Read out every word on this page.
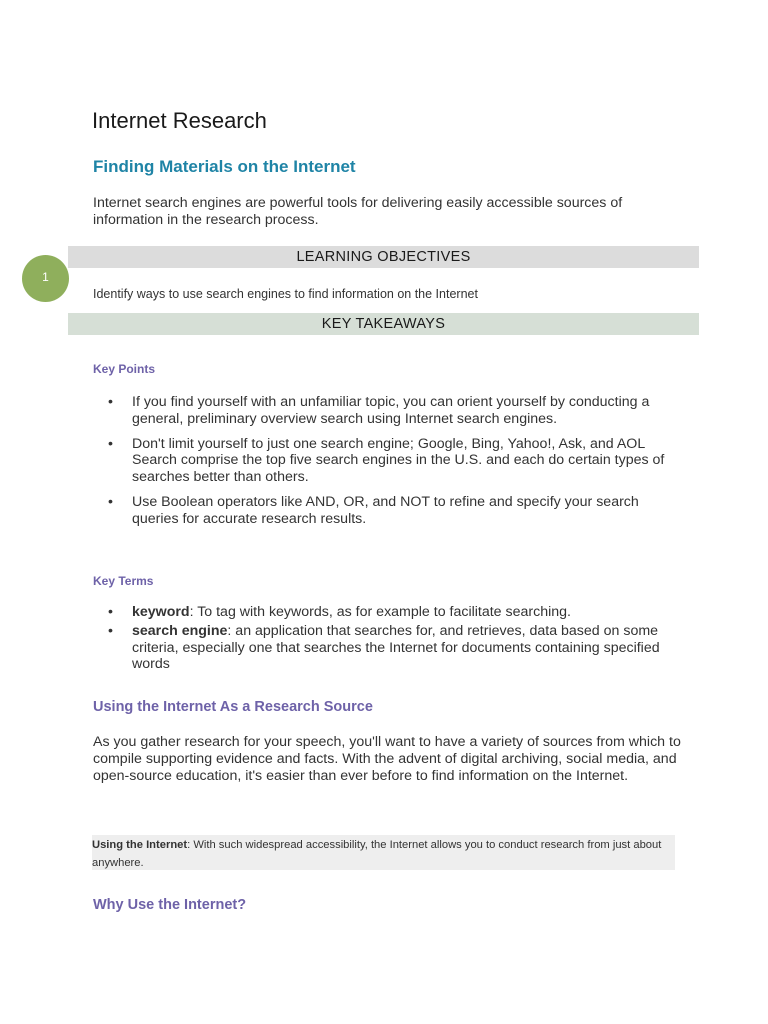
Internet Research
Finding Materials on the Internet

Internet search engines are powerful tools for delivering easily accessible sources of information in the research process.

LEARNING OBJECTIVES
1

Identify ways to use search engines to find information on the Internet

KEY TAKEAWAYS

Key Points

• If you find yourself with an unfamiliar topic, you can orient yourself by conducting a general, preliminary overview search using Internet search engines.
• Don't limit yourself to just one search engine; Google, Bing, Yahoo!, Ask, and AOL Search comprise the top five search engines in the U.S. and each do certain types of searches better than others.
• Use Boolean operators like AND, OR, and NOT to refine and specify your search queries for accurate research results.

Key Terms

• keyword: To tag with keywords, as for example to facilitate searching.
• search engine: an application that searches for, and retrieves, data based on some criteria, especially one that searches the Internet for documents containing specified words
Using the Internet As a Research Source

As you gather research for your speech, you'll want to have a variety of sources from which to compile supporting evidence and facts. With the advent of digital archiving, social media, and open-source education, it's easier than ever before to find information on the Internet.

Using the Internet: With such widespread accessibility, the Internet allows you to conduct research from just about anywhere.

Why Use the Internet?
